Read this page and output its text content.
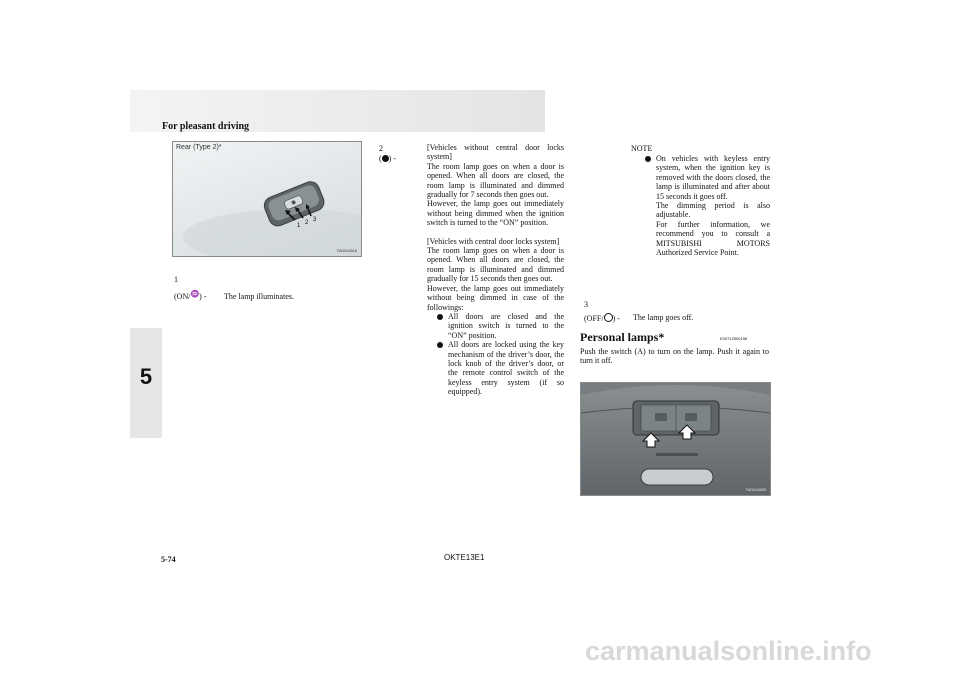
For pleasant driving
5
Rear (Type 2)*
1 2 3
TA0014516
1
(ON/♒) - The lamp illuminates.
2
( ) -
[Vehicles without central door locks system]
The room lamp goes on when a door is opened. When all doors are closed, the room lamp is illuminated and dimmed gradually for 7 seconds then goes out.
However, the lamp goes out immediately without being dimmed when the ignition switch is turned to the “ON” position.
[Vehicles with central door locks system]
The room lamp goes on when a door is opened. When all doors are closed, the room lamp is illuminated and dimmed gradually for 15 seconds then goes out.
However, the lamp goes out immediately without being dimmed in case of the followings:
All doors are closed and the ignition switch is turned to the “ON” position.
All doors are locked using the key mechanism of the driver’s door, the lock knob of the driver’s door, or the remote control switch of the keyless entry system (if so equipped).
NOTE
On vehicles with keyless entry system, when the ignition key is removed with the doors closed, the lamp is illuminated and after about 15 seconds it goes off.
The dimming period is also adjustable.
For further information, we recommend you to consult a MITSUBISHI MOTORS Authorized Service Point.
3
(OFF/ ) - The lamp goes off.
Personal lamps*	E00712500156
Push the switch (A) to turn on the lamp. Push it again to turn it off.
TA0014529
5-74	OKTE13E1
carmanualsonline.info
